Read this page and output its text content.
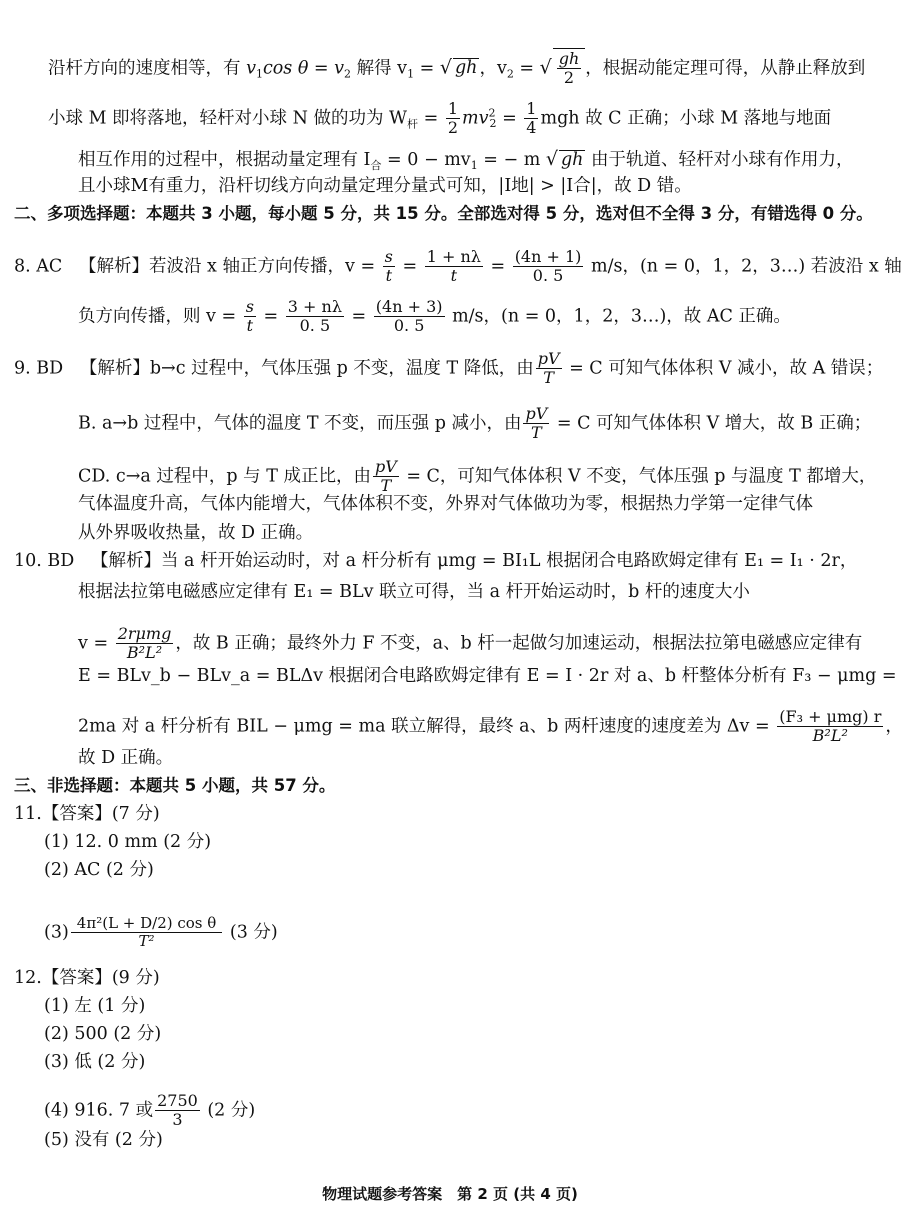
沿杆方向的速度相等，有 $v_1\cos$ $\theta = v_2$ 解得 $v_1$ = √ gh ，$v_2$ = √ $\frac{gh}{2}$ ，根据动能定理可得，从静止释放到
小球 M 即将落地，轻杆对小球 N 做的功为 $W_杆 = \frac{1}{2} mv^2_2 = \frac{1}{4}$ mgh 故 C 正确；小球 M 落地与地面
相互作用的过程中，根据动量定理有 $I_合 = 0 - mv_1$ = − m √ gh 由于轨道、轻杆对小球有作用力，
且小球M有重力，沿杆切线方向动量定理分量式可知，|I地| > |I合|，故 D 错。
二、多项选择题：本题共 3 小题，每小题 5 分，共 15 分。全部选对得 5 分，选对但不全得 3 分，有错选得 0 分。
8. AC 【解析】若波沿 x 轴正方向传播，$v = \frac{s}{t} = \frac{1 + n\lambda}{t} = \frac{(4n + 1)}{0. 5} m/s$，(n = 0，1，2，3…) 若波沿 x 轴
负方向传播，则 $v = \frac{s}{t} = \frac{3 + n\lambda}{0. 5} = \frac{(4n + 3)}{0. 5} m/s$，(n = 0，1，2，3…)，故 AC 正确。
9. BD 【解析】b→c 过程中，气体压强 p 不变，温度 T 降低，由 $\frac{pV}{T} = C$ 可知气体体积 V 减小，故 A 错误；
B. a→b 过程中，气体的温度 T 不变，而压强 p 减小，由 $\frac{pV}{T} = C$ 可知气体体积 V 增大，故 B 正确；
CD. c→a 过程中，p 与 T 成正比，由 $\frac{pV}{T} = C$，可知气体体积 V 不变，气体压强 p 与温度 T 都增大，
气体温度升高，气体内能增大，气体体积不变，外界对气体做功为零，根据热力学第一定律气体
从外界吸收热量，故 D 正确。
10. BD 【解析】当 a 杆开始运动时，对 a 杆分析有 μmg = BI₁L 根据闭合电路欧姆定律有 E₁ = I₁ · 2r，
根据法拉第电磁感应定律有 E₁ = BLv 联立可得，当 a 杆开始运动时，b 杆的速度大小
$v = \frac{\text{2rμmg}}{\text{B²L²}}$ ，故 B 正确；最终外力 F 不变，a、b 杆一起做匀加速运动，根据法拉第电磁感应定律有
E = BLv_b − BLv_a = BLΔv 根据闭合电路欧姆定律有 E = I · 2r 对 a、b 杆整体分析有 F₃ − μmg =
2ma 对 a 杆分析有 BIL − μmg = ma 联立解得，最终 a、b 两杆速度的速度差为 $\Delta v = \frac{\text{(F₃ + μmg) r}}{\text{B²L²}}$ ，
故 D 正确。
三、非选择题：本题共 5 小题，共 57 分。
11.【答案】(7 分)
(1) 12. 0 mm (2 分)
(2) AC (2 分)
$(3) \frac{\text{4π²(L + D/2) cos θ}}{\text{T²}} (3$ 分)
12.【答案】(9 分)
(1) 左 (1 分)
(2) 500 (2 分)
(3) 低 (2 分)
(4) 916. 7 或 $\frac{2750}{3} (2$ 分)
(5) 没有 (2 分)
物理试题参考答案　第 2 页 (共 4 页)
